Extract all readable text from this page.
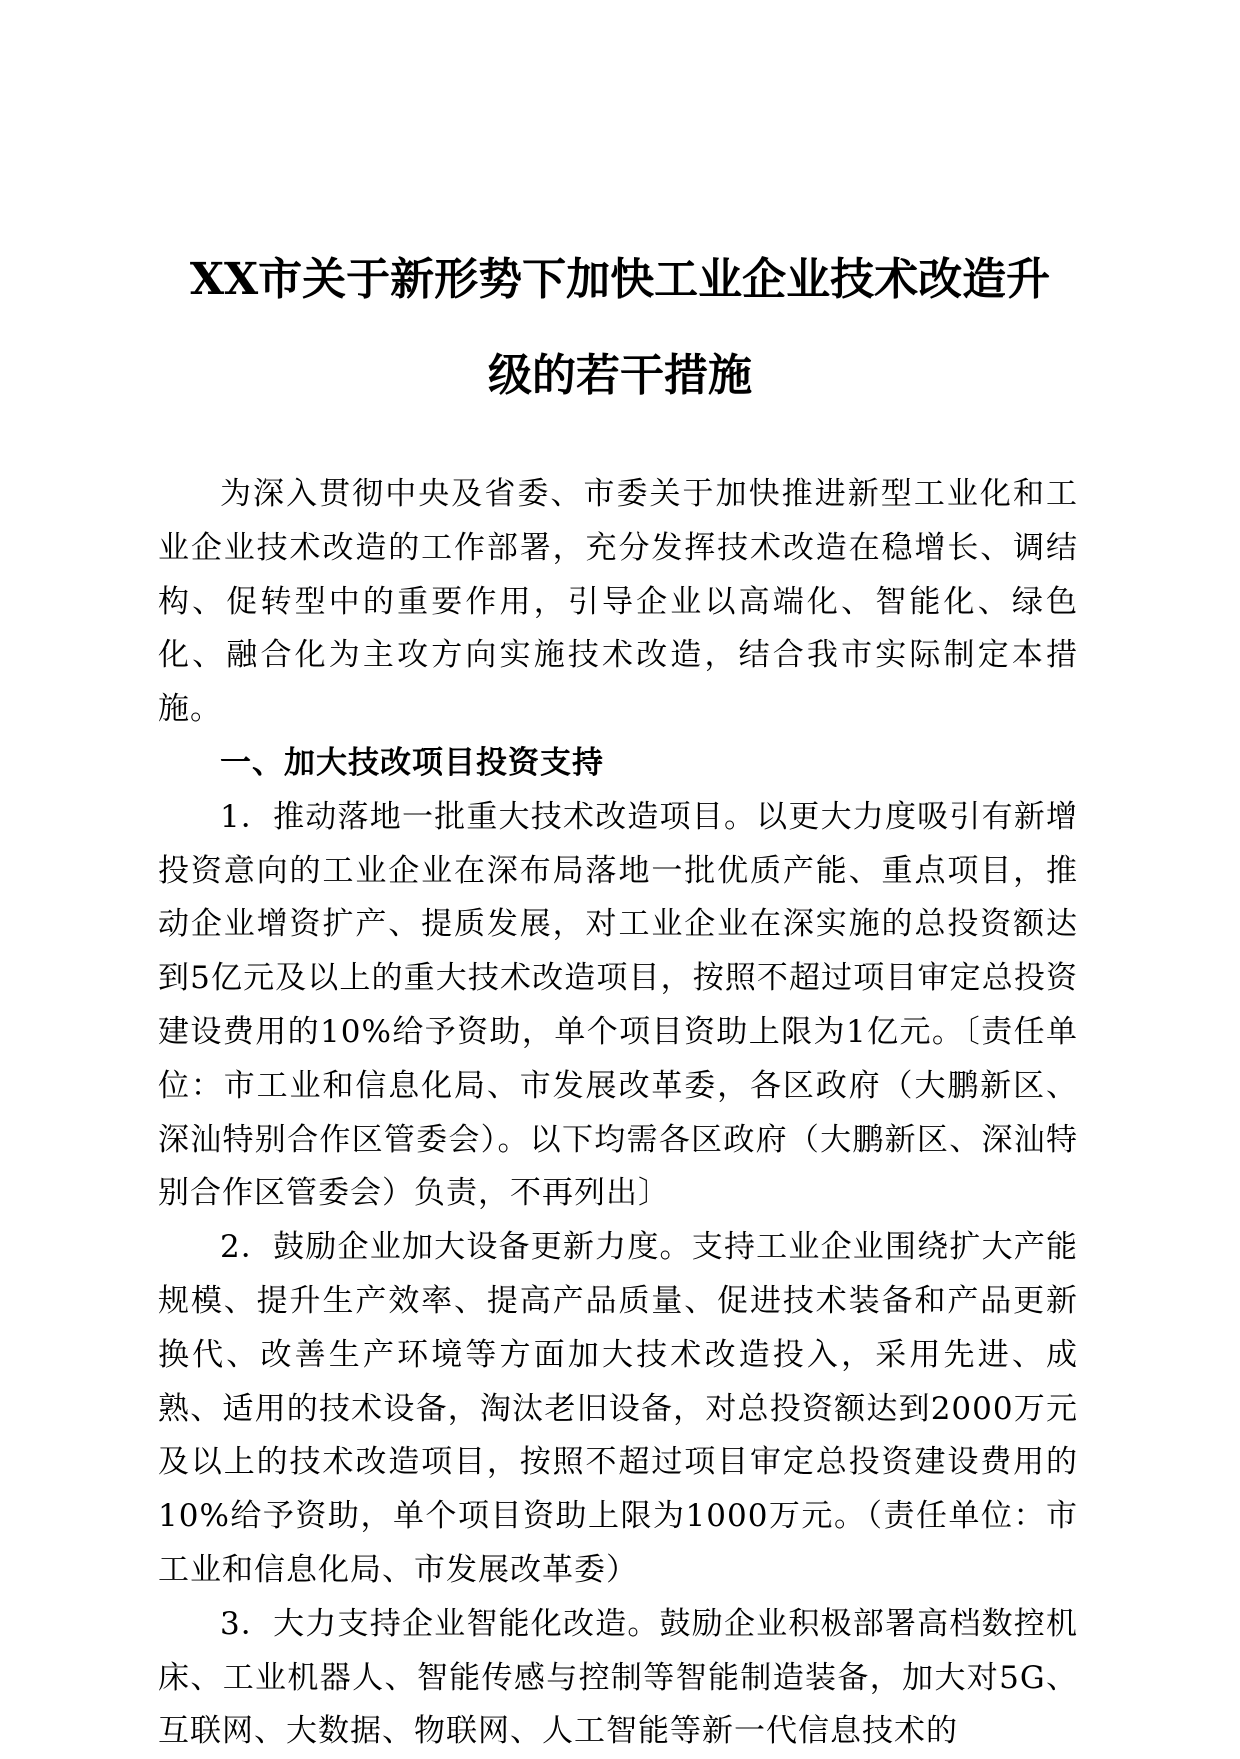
XX市关于新形势下加快工业企业技术改造升
级的若干措施

为深入贯彻中央及省委、市委关于加快推进新型工业化和工业企业技术改造的工作部署，充分发挥技术改造在稳增长、调结构、促转型中的重要作用，引导企业以高端化、智能化、绿色化、融合化为主攻方向实施技术改造，结合我市实际制定本措施。

一、加大技改项目投资支持

1．推动落地一批重大技术改造项目。以更大力度吸引有新增投资意向的工业企业在深布局落地一批优质产能、重点项目，推动企业增资扩产、提质发展，对工业企业在深实施的总投资额达到5亿元及以上的重大技术改造项目，按照不超过项目审定总投资建设费用的10%给予资助，单个项目资助上限为1亿元。〔责任单位：市工业和信息化局、市发展改革委，各区政府（大鹏新区、深汕特别合作区管委会）。以下均需各区政府（大鹏新区、深汕特别合作区管委会）负责，不再列出〕

2．鼓励企业加大设备更新力度。支持工业企业围绕扩大产能规模、提升生产效率、提高产品质量、促进技术装备和产品更新换代、改善生产环境等方面加大技术改造投入，采用先进、成熟、适用的技术设备，淘汰老旧设备，对总投资额达到2000万元及以上的技术改造项目，按照不超过项目审定总投资建设费用的10%给予资助，单个项目资助上限为1000万元。（责任单位：市工业和信息化局、市发展改革委）

3．大力支持企业智能化改造。鼓励企业积极部署高档数控机床、工业机器人、智能传感与控制等智能制造装备，加大对5G、互联网、大数据、物联网、人工智能等新一代信息技术的
